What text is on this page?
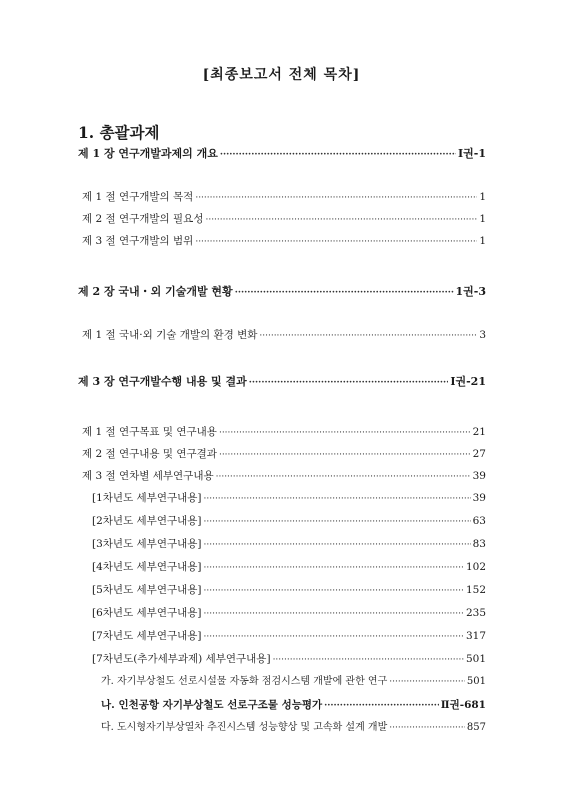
[최종보고서 전체 목차]
1. 총괄과제
제 1 장 연구개발과제의 개요 ·····	Ⅰ권-1
제 1 절 연구개발의 목적 ·····	1
제 2 절 연구개발의 필요성 ·····	1
제 3 절 연구개발의 범위 ·····	1
제 2 장 국내・외 기술개발 현황 ·····	1권-3
제 1 절 국내·외 기술 개발의 환경 변화 ·····	3
제 3 장 연구개발수행 내용 및 결과 ·····	Ⅰ권-21
제 1 절 연구목표 및 연구내용 ·····	21
제 2 절 연구내용 및 연구결과 ·····	27
제 3 절 연차별 세부연구내용 ·····	39
[1차년도 세부연구내용] ·····	39
[2차년도 세부연구내용] ·····	63
[3차년도 세부연구내용] ·····	83
[4차년도 세부연구내용] ·····	102
[5차년도 세부연구내용] ·····	152
[6차년도 세부연구내용] ·····	235
[7차년도 세부연구내용] ·····	317
[7차년도(추가세부과제) 세부연구내용] ·····	501
가. 자기부상철도 선로시설물 자동화 점검시스템 개발에 관한 연구 ·····	501
나. 인천공항 자기부상철도 선로구조물 성능평가 ·····	Ⅱ권-681
다. 도시형자기부상열차 추진시스템 성능향상 및 고속화 설계 개발 ·····	857
